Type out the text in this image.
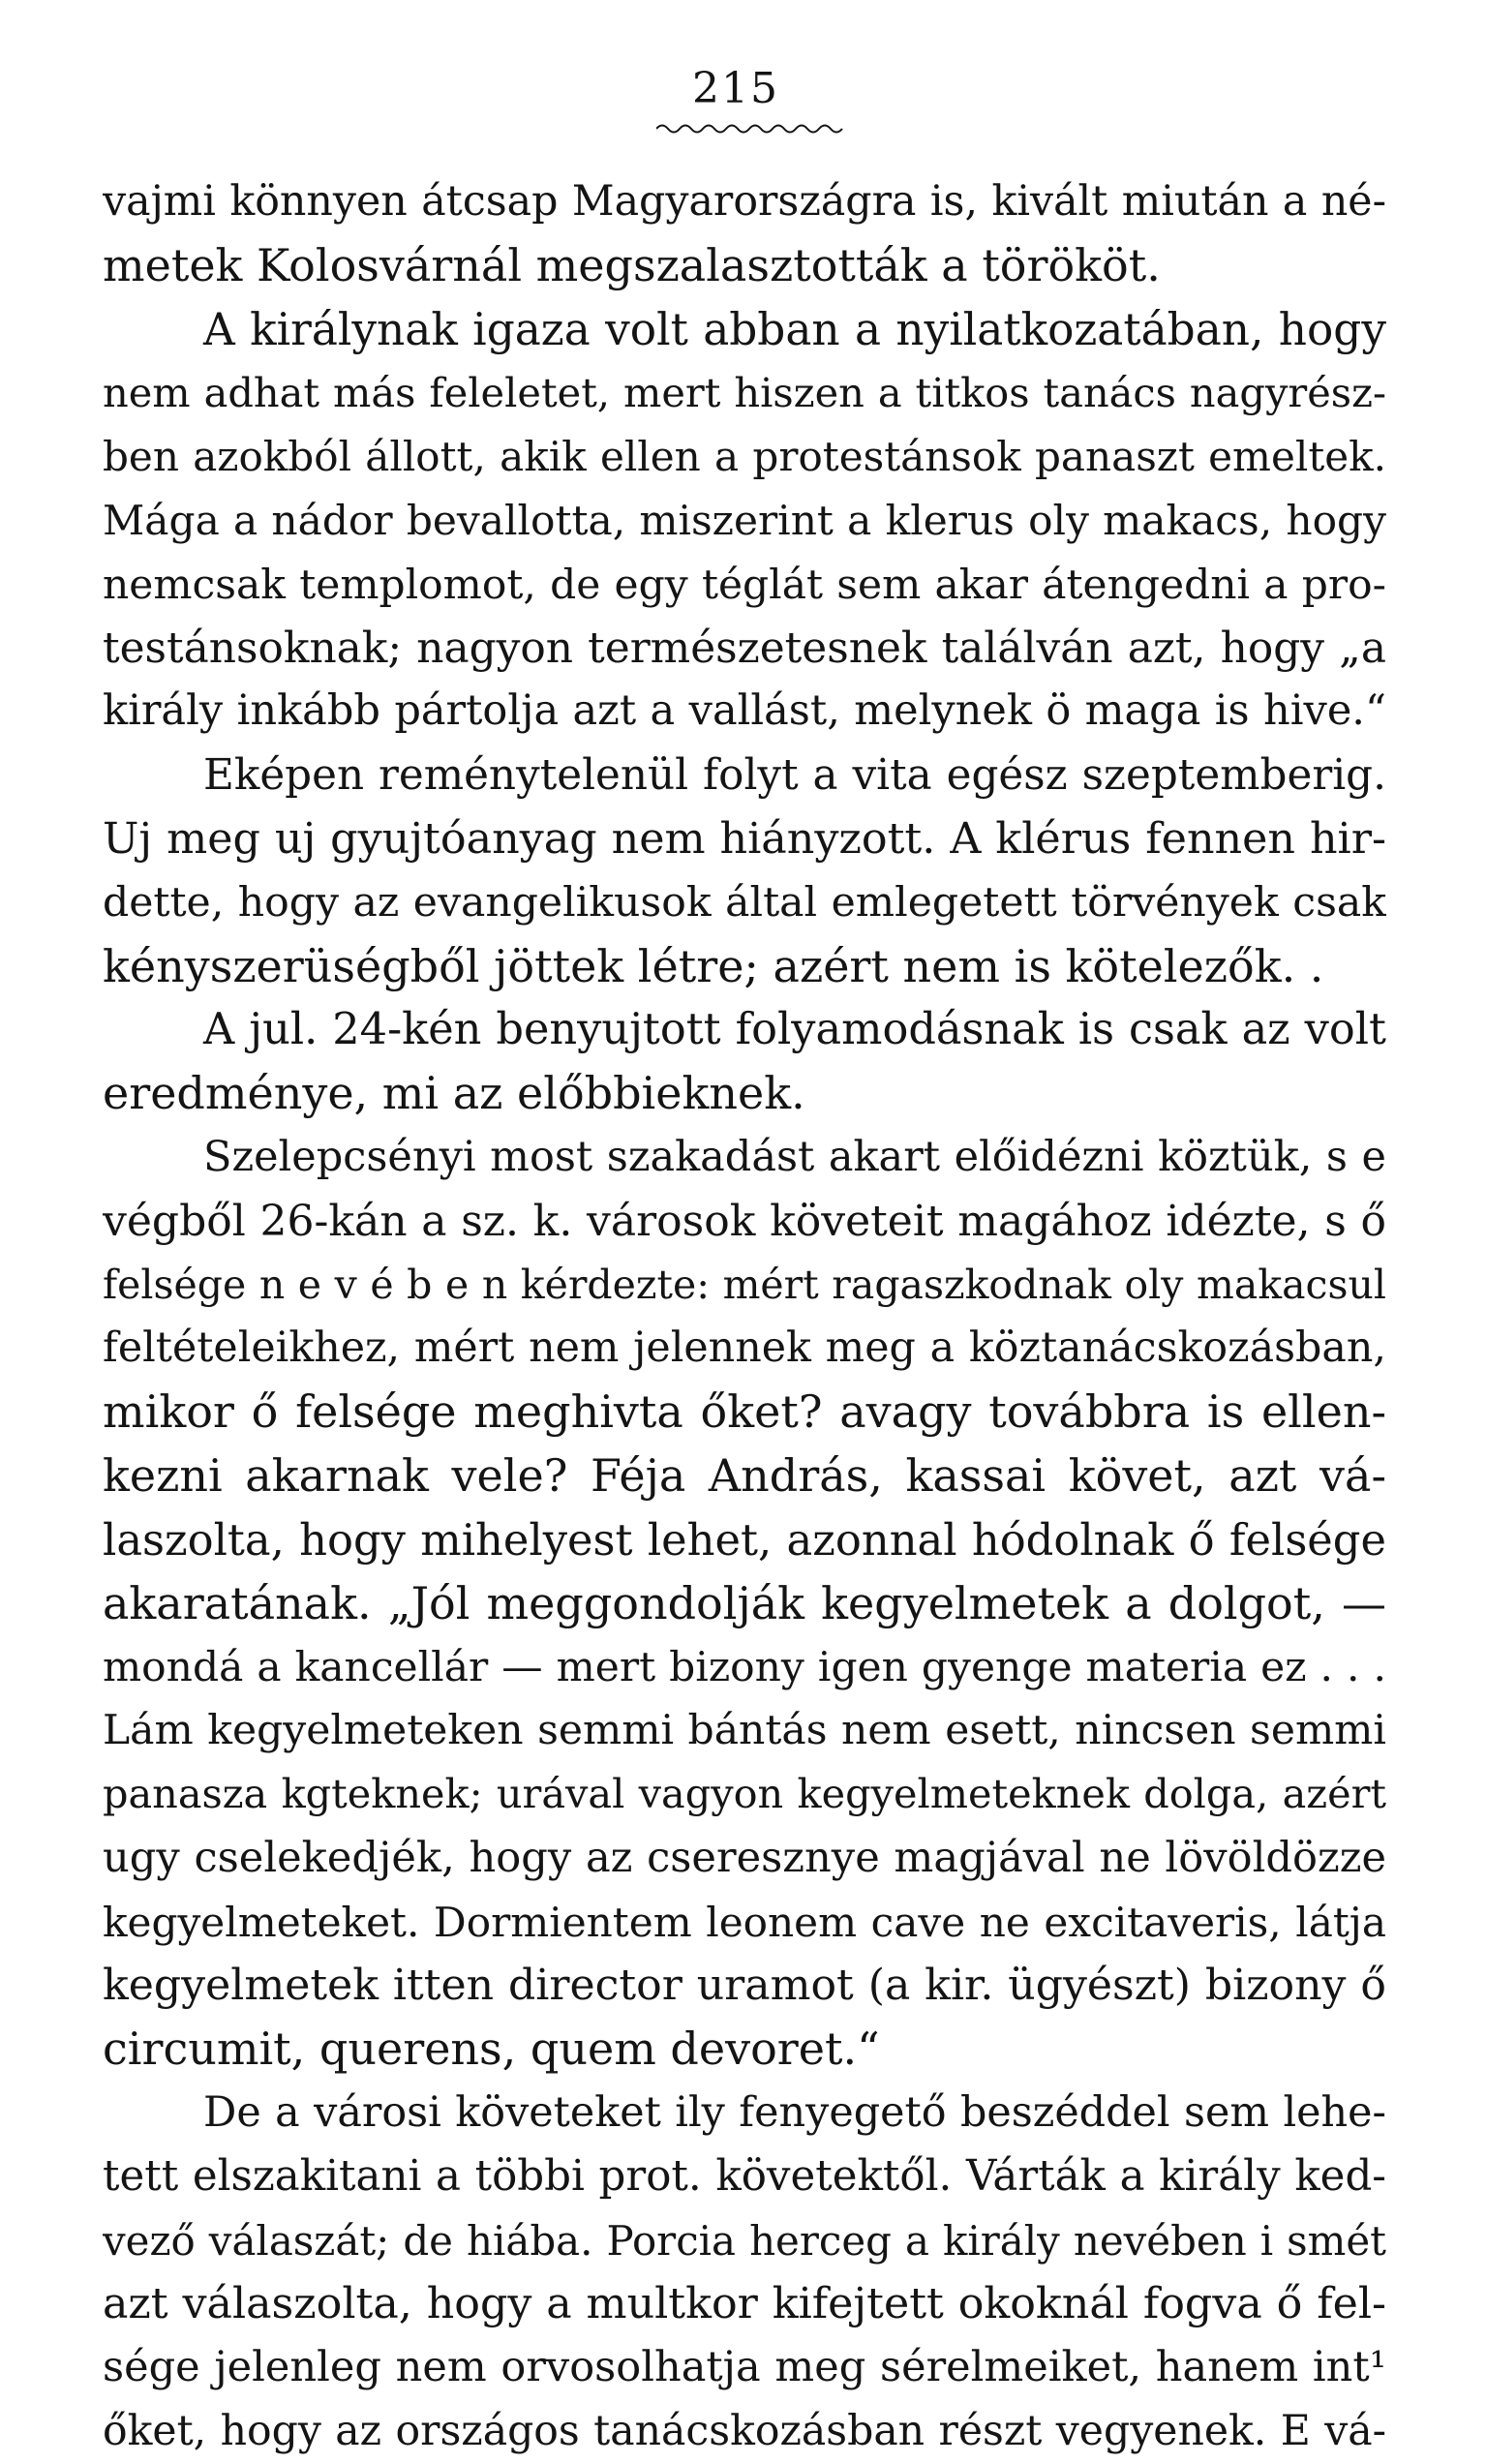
215
vajmi könnyen átcsap Magyarországra is, kivált miután a né-
metek Kolosvárnál megszalasztották a törököt.
A királynak igaza volt abban a nyilatkozatában, hogy
nem adhat más feleletet, mert hiszen a titkos tanács nagyrész-
ben azokból állott, akik ellen a protestánsok panaszt emeltek.
Mága a nádor bevallotta, miszerint a klerus oly makacs, hogy
nemcsak templomot, de egy téglát sem akar átengedni a pro-
testánsoknak; nagyon természetesnek találván azt, hogy „a
király inkább pártolja azt a vallást, melynek ö maga is hive.“
Eképen reménytelenül folyt a vita egész szeptemberig.
Uj meg uj gyujtóanyag nem hiányzott. A klérus fennen hir-
dette, hogy az evangelikusok által emlegetett törvények csak
kényszerüségből jöttek létre; azért nem is kötelezők. .
A jul. 24-kén benyujtott folyamodásnak is csak az volt
eredménye, mi az előbbieknek.
Szelepcsényi most szakadást akart előidézni köztük, s e
végből 26-kán a sz. k. városok követeit magához idézte, s ő
felsége n e v é b e n kérdezte: mért ragaszkodnak oly makacsul
feltételeikhez, mért nem jelennek meg a köztanácskozásban,
mikor ő felsége meghivta őket? avagy továbbra is ellen-
kezni akarnak vele? Féja András, kassai követ, azt vá-
laszolta, hogy mihelyest lehet, azonnal hódolnak ő felsége
akaratának. „Jól meggondolják kegyelmetek a dolgot, —
mondá a kancellár — mert bizony igen gyenge materia ez . . .
Lám kegyelmeteken semmi bántás nem esett, nincsen semmi
panasza kgteknek; urával vagyon kegyelmeteknek dolga, azért
ugy cselekedjék, hogy az cseresznye magjával ne lövöldözze
kegyelmeteket. Dormientem leonem cave ne excitaveris, látja
kegyelmetek itten director uramot (a kir. ügyészt) bizony ő
circumit, querens, quem devoret.“
De a városi követeket ily fenyegető beszéddel sem lehe-
tett elszakitani a többi prot. követektől. Várták a király ked-
vező válaszát; de hiába. Porcia herceg a király nevében i smét
azt válaszolta, hogy a multkor kifejtett okoknál fogva ő fel-
sége jelenleg nem orvosolhatja meg sérelmeiket, hanem int¹
őket, hogy az országos tanácskozásban részt vegyenek. E vá-
